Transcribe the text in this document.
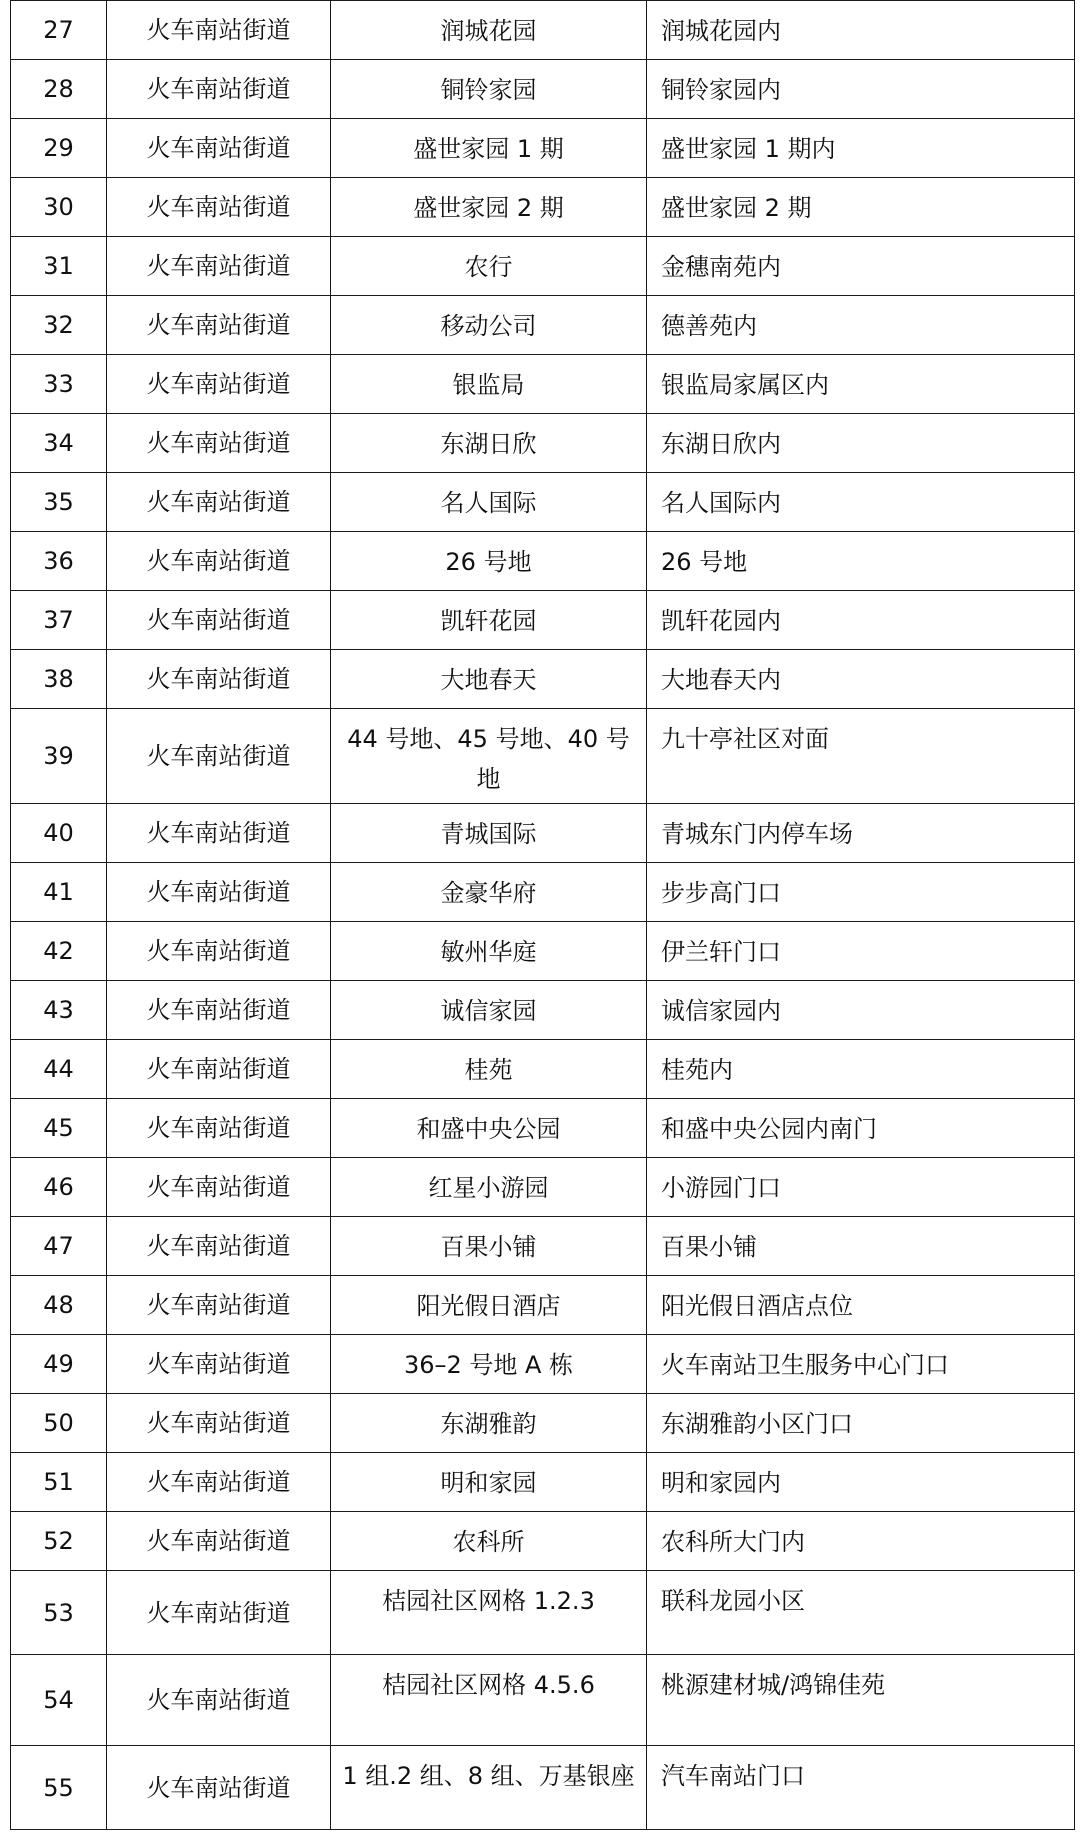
27	火车南站街道	润城花园	润城花园内
28	火车南站街道	铜铃家园	铜铃家园内
29	火车南站街道	盛世家园 1 期	盛世家园 1 期内
30	火车南站街道	盛世家园 2 期	盛世家园 2 期
31	火车南站街道	农行	金穗南苑内
32	火车南站街道	移动公司	德善苑内
33	火车南站街道	银监局	银监局家属区内
34	火车南站街道	东湖日欣	东湖日欣内
35	火车南站街道	名人国际	名人国际内
36	火车南站街道	26 号地	26 号地
37	火车南站街道	凯轩花园	凯轩花园内
38	火车南站街道	大地春天	大地春天内
39	火车南站街道	44 号地、45 号地、40 号地	九十亭社区对面
40	火车南站街道	青城国际	青城东门内停车场
41	火车南站街道	金豪华府	步步高门口
42	火车南站街道	敏州华庭	伊兰轩门口
43	火车南站街道	诚信家园	诚信家园内
44	火车南站街道	桂苑	桂苑内
45	火车南站街道	和盛中央公园	和盛中央公园内南门
46	火车南站街道	红星小游园	小游园门口
47	火车南站街道	百果小铺	百果小铺
48	火车南站街道	阳光假日酒店	阳光假日酒店点位
49	火车南站街道	36–2 号地 A 栋	火车南站卫生服务中心门口
50	火车南站街道	东湖雅韵	东湖雅韵小区门口
51	火车南站街道	明和家园	明和家园内
52	火车南站街道	农科所	农科所大门内
53	火车南站街道	桔园社区网格 1.2.3	联科龙园小区
54	火车南站街道	桔园社区网格 4.5.6	桃源建材城/鸿锦佳苑
55	火车南站街道	1 组.2 组、8 组、万基银座	汽车南站门口
